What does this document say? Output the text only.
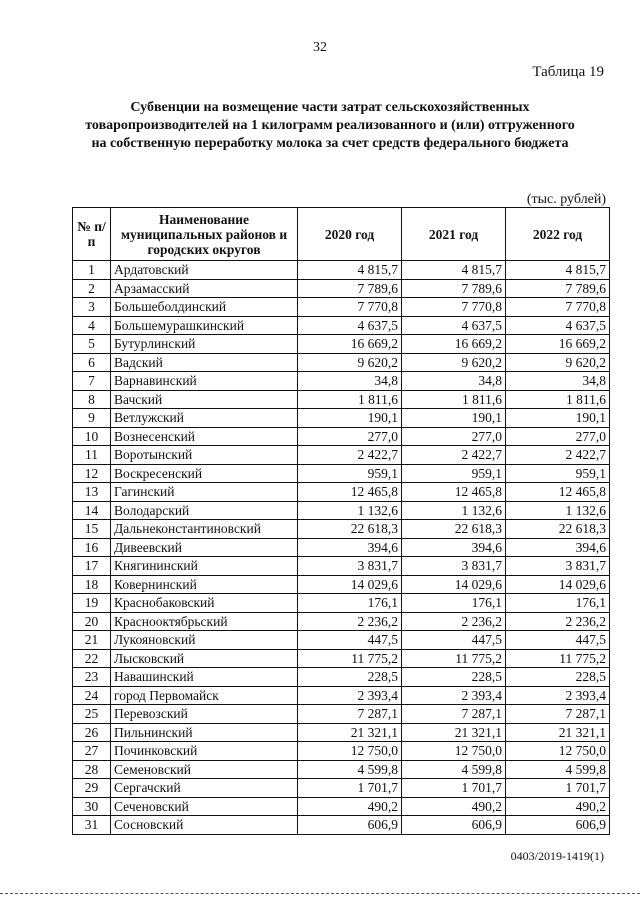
32
Таблица 19
Субвенции на возмещение части затрат сельскохозяйственных товаропроизводителей на 1 килограмм реализованного и (или) отгруженного на собственную переработку молока за счет средств федерального бюджета
(тыс. рублей)
№ п/п	Наименование муниципальных районов и городских округов	2020 год	2021 год	2022 год
1	Ардатовский	4 815,7	4 815,7	4 815,7
2	Арзамасский	7 789,6	7 789,6	7 789,6
3	Большеболдинский	7 770,8	7 770,8	7 770,8
4	Большемурашкинский	4 637,5	4 637,5	4 637,5
5	Бутурлинский	16 669,2	16 669,2	16 669,2
6	Вадский	9 620,2	9 620,2	9 620,2
7	Варнавинский	34,8	34,8	34,8
8	Вачский	1 811,6	1 811,6	1 811,6
9	Ветлужский	190,1	190,1	190,1
10	Вознесенский	277,0	277,0	277,0
11	Воротынский	2 422,7	2 422,7	2 422,7
12	Воскресенский	959,1	959,1	959,1
13	Гагинский	12 465,8	12 465,8	12 465,8
14	Володарский	1 132,6	1 132,6	1 132,6
15	Дальнеконстантиновский	22 618,3	22 618,3	22 618,3
16	Дивеевский	394,6	394,6	394,6
17	Княгининский	3 831,7	3 831,7	3 831,7
18	Ковернинский	14 029,6	14 029,6	14 029,6
19	Краснобаковский	176,1	176,1	176,1
20	Краснооктябрьский	2 236,2	2 236,2	2 236,2
21	Лукояновский	447,5	447,5	447,5
22	Лысковский	11 775,2	11 775,2	11 775,2
23	Навашинский	228,5	228,5	228,5
24	город Первомайск	2 393,4	2 393,4	2 393,4
25	Перевозский	7 287,1	7 287,1	7 287,1
26	Пильнинский	21 321,1	21 321,1	21 321,1
27	Починковский	12 750,0	12 750,0	12 750,0
28	Семеновский	4 599,8	4 599,8	4 599,8
29	Сергачский	1 701,7	1 701,7	1 701,7
30	Сеченовский	490,2	490,2	490,2
31	Сосновский	606,9	606,9	606,9
0403/2019-1419(1)
